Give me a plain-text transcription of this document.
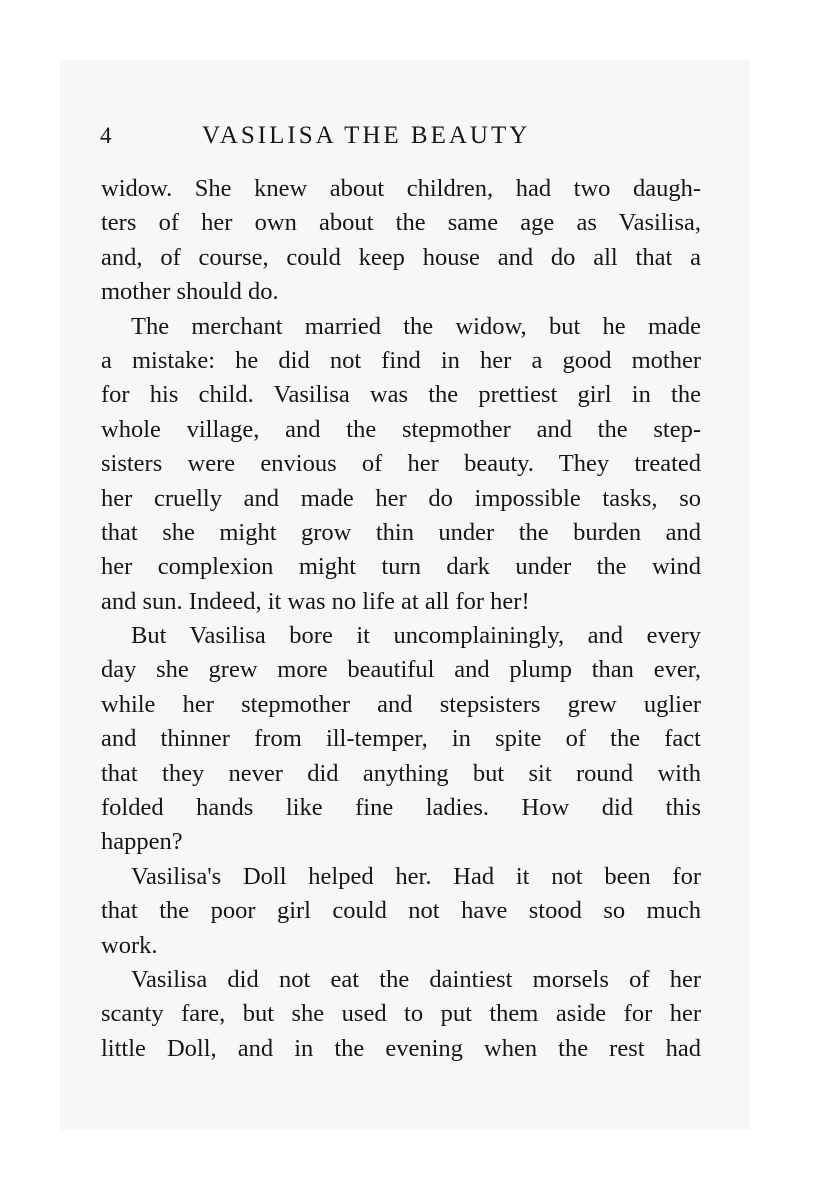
4	VASILISA THE BEAUTY
widow. She knew about children, had two daugh-
ters of her own about the same age as Vasilisa,
and, of course, could keep house and do all that a
mother should do.
The merchant married the widow, but he made
a mistake: he did not find in her a good mother
for his child. Vasilisa was the prettiest girl in the
whole village, and the stepmother and the step-
sisters were envious of her beauty. They treated
her cruelly and made her do impossible tasks, so
that she might grow thin under the burden and
her complexion might turn dark under the wind
and sun. Indeed, it was no life at all for her!
But Vasilisa bore it uncomplainingly, and every
day she grew more beautiful and plump than ever,
while her stepmother and stepsisters grew uglier
and thinner from ill-temper, in spite of the fact
that they never did anything but sit round with
folded hands like fine ladies. How did this
happen?
Vasilisa's Doll helped her. Had it not been for
that the poor girl could not have stood so much
work.
Vasilisa did not eat the daintiest morsels of her
scanty fare, but she used to put them aside for her
little Doll, and in the evening when the rest had
